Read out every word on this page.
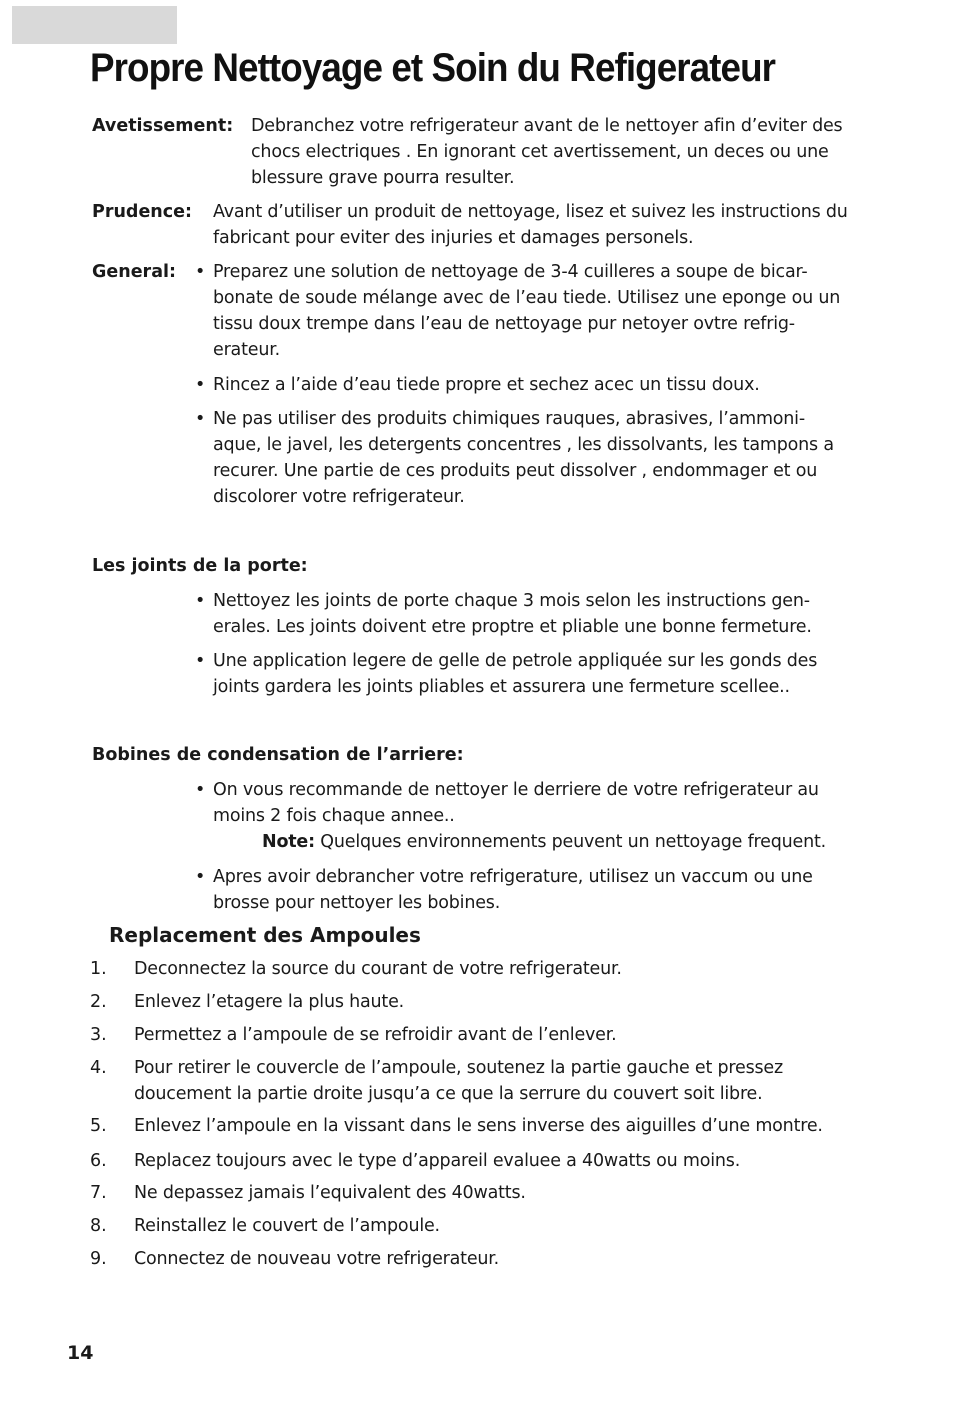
Propre Nettoyage et Soin du Refigerateur
Avetissement: Debranchez votre refrigerateur avant de le nettoyer afin d’eviter des chocs electriques . En ignorant cet avertissement, un deces ou une blessure grave pourra resulter.
Prudence: Avant d’utiliser un produit de nettoyage, lisez et suivez les instructions du fabricant pour eviter des injuries et damages personels.
General: • Preparez une solution de nettoyage de 3-4 cuilleres a soupe de bicar- bonate de soude mélange avec de l’eau tiede. Utilisez une eponge ou un tissu doux trempe dans l’eau de nettoyage pur netoyer ovtre refrig- erateur.
• Rincez a l’aide d’eau tiede propre et sechez acec un tissu doux.
• Ne pas utiliser des produits chimiques rauques, abrasives, l’ammoni- aque, le javel, les detergents concentres , les dissolvants, les tampons a recurer. Une partie de ces produits peut dissolver , endommager et ou discolorer votre refrigerateur.
Les joints de la porte:
• Nettoyez les joints de porte chaque 3 mois selon les instructions gen- erales. Les joints doivent etre proptre et pliable une bonne fermeture.
• Une application legere de gelle de petrole appliquée sur les gonds des joints gardera les joints pliables et assurera une fermeture scellee..
Bobines de condensation de l’arriere:
• On vous recommande de nettoyer le derriere de votre refrigerateur au moins 2 fois chaque annee..
Note: Quelques environnements peuvent un nettoyage frequent.
• Apres avoir debrancher votre refrigerature, utilisez un vaccum ou une brosse pour nettoyer les bobines.
Replacement des Ampoules
1. Deconnectez la source du courant de votre refrigerateur.
2. Enlevez l’etagere la plus haute.
3. Permettez a l’ampoule de se refroidir avant de l’enlever.
4. Pour retirer le couvercle de l’ampoule, soutenez la partie gauche et pressez doucement la partie droite jusqu’a ce que la serrure du couvert soit libre.
5. Enlevez l’ampoule en la vissant dans le sens inverse des aiguilles d’une montre.
6. Replacez toujours avec le type d’appareil evaluee a 40watts ou moins.
7. Ne depassez jamais l’equivalent des 40watts.
8. Reinstallez le couvert de l’ampoule.
9. Connectez de nouveau votre refrigerateur.
14
